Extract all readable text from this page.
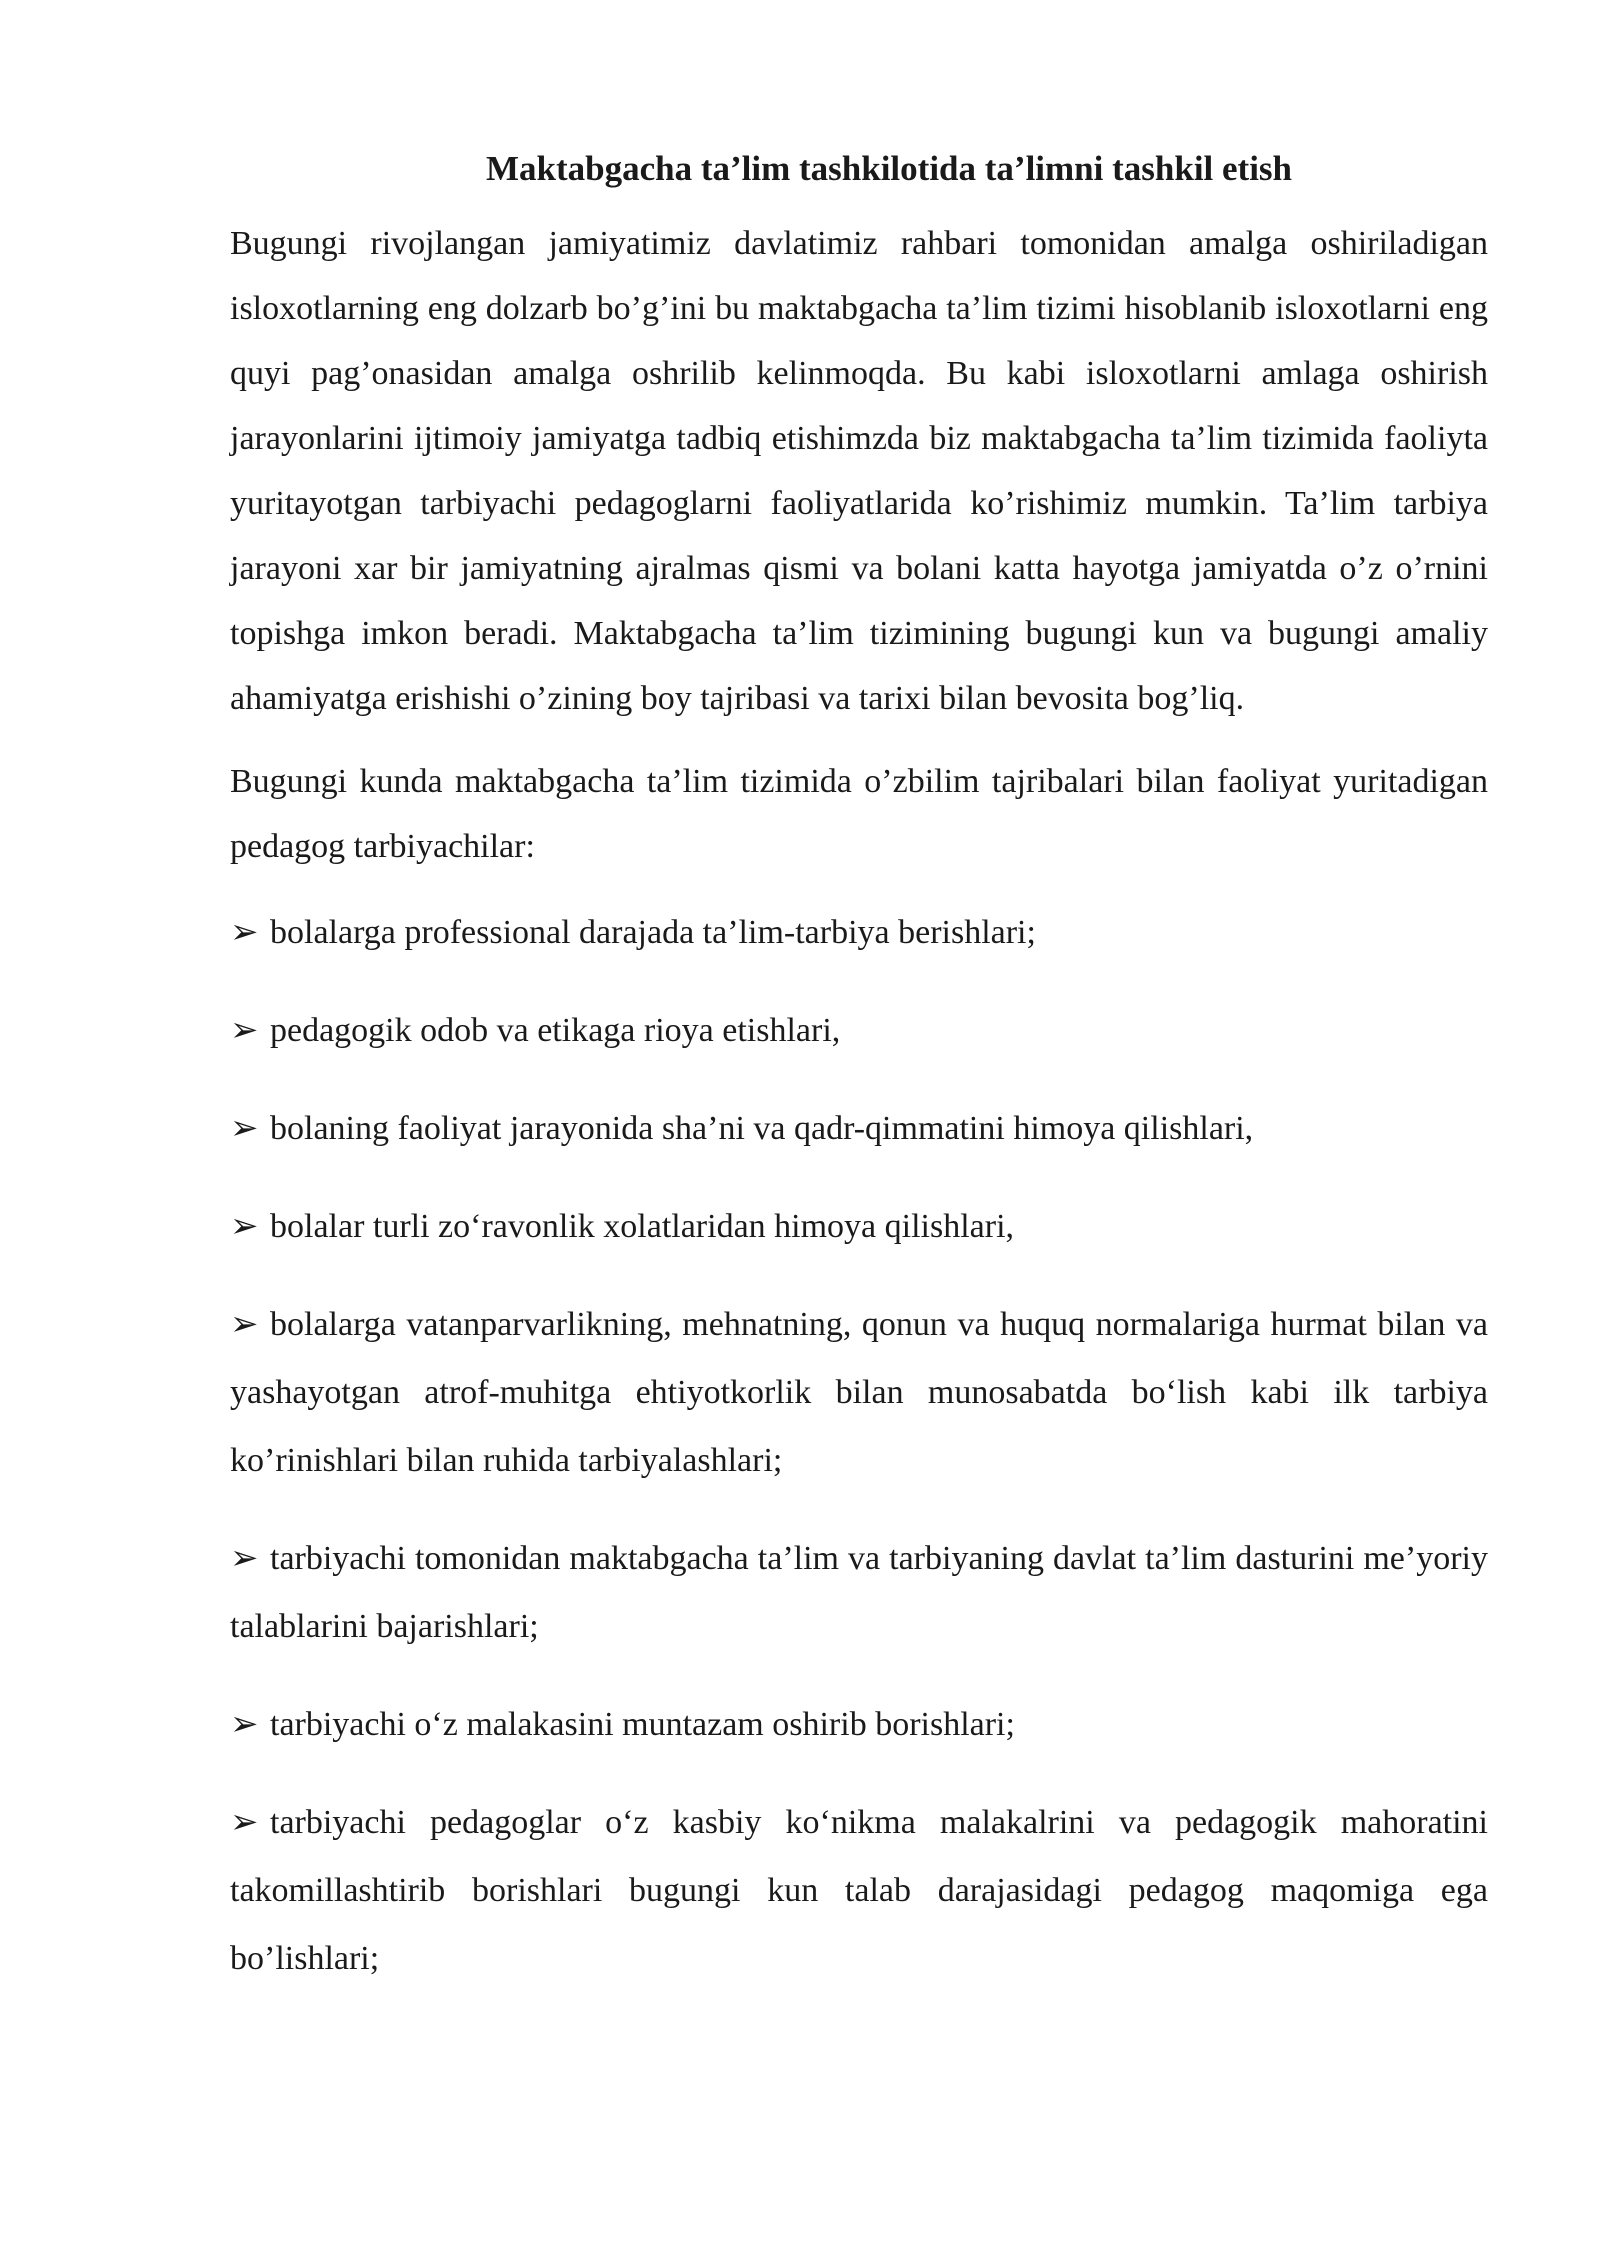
Maktabgacha ta’lim tashkilotida ta’limni tashkil etish

Bugungi rivojlangan jamiyatimiz davlatimiz rahbari tomonidan amalga oshiriladigan isloxotlarning eng dolzarb bo’g’ini bu maktabgacha ta’lim tizimi hisoblanib isloxotlarni eng quyi pag’onasidan amalga oshrilib kelinmoqda. Bu kabi isloxotlarni amlaga oshirish jarayonlarini ijtimoiy jamiyatga tadbiq etishimzda biz maktabgacha ta’lim tizimida faoliyta yuritayotgan tarbiyachi pedagoglarni faoliyatlarida ko’rishimiz mumkin. Ta’lim tarbiya jarayoni xar bir jamiyatning ajralmas qismi va bolani katta hayotga jamiyatda o’z o’rnini topishga imkon beradi. Maktabgacha ta’lim tizimining bugungi kun va bugungi amaliy ahamiyatga erishishi o’zining boy tajribasi va tarixi bilan bevosita bog’liq.

Bugungi kunda maktabgacha ta’lim tizimida o’zbilim tajribalari bilan faoliyat yuritadigan pedagog tarbiyachilar:

➢ bolalarga professional darajada ta’lim-tarbiya berishlari;

➢ pedagogik odob va etikaga rioya etishlari,

➢ bolaning faoliyat jarayonida sha’ni va qadr-qimmatini himoya qilishlari,

➢ bolalar turli zo‘ravonlik xolatlaridan himoya qilishlari,

➢ bolalarga vatanparvarlikning, mehnatning, qonun va huquq normalariga hurmat bilan va yashayotgan atrof-muhitga ehtiyotkorlik bilan munosabatda bo‘lish kabi ilk tarbiya ko’rinishlari bilan ruhida tarbiyalashlari;

➢ tarbiyachi tomonidan maktabgacha ta’lim va tarbiyaning davlat ta’lim dasturini me’yoriy talablarini bajarishlari;

➢ tarbiyachi o‘z malakasini muntazam oshirib borishlari;

➢ tarbiyachi pedagoglar o‘z kasbiy ko‘nikma malakalrini va pedagogik mahoratini takomillashtirib borishlari bugungi kun talab darajasidagi pedagog maqomiga ega bo’lishlari;
